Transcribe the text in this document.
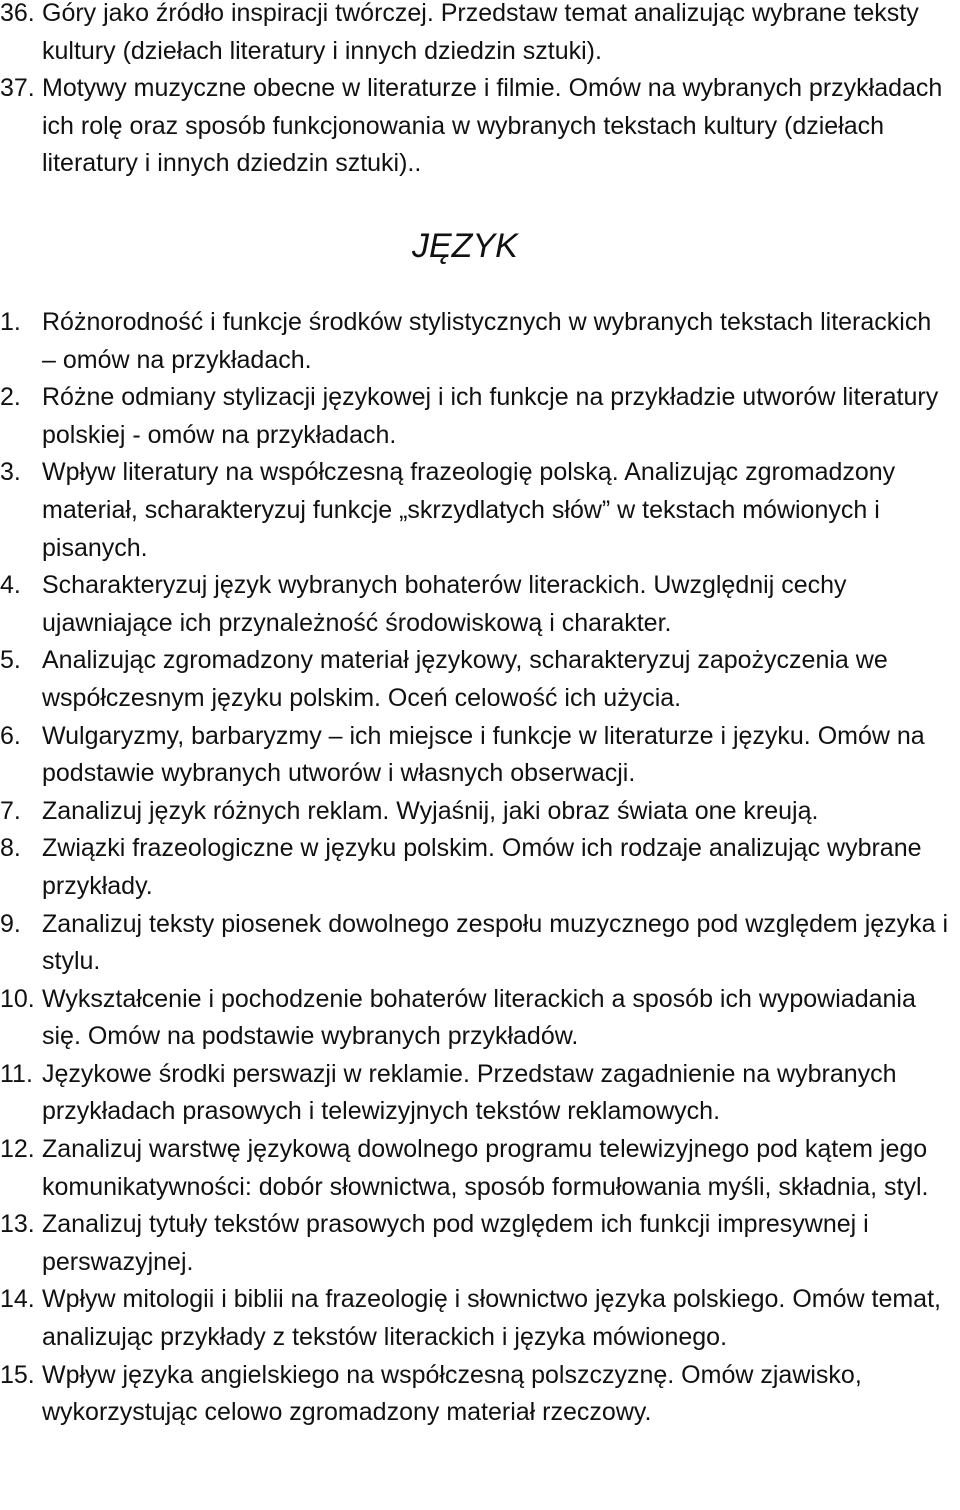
36. Góry jako źródło inspiracji twórczej. Przedstaw temat analizując wybrane teksty kultury (dziełach literatury i innych dziedzin sztuki).
37. Motywy muzyczne obecne w literaturze i filmie. Omów na wybranych przykładach ich rolę oraz sposób funkcjonowania w wybranych tekstach kultury (dziełach literatury i innych dziedzin sztuki)..
JĘZYK
1. Różnorodność i funkcje środków stylistycznych w wybranych tekstach literackich – omów na przykładach.
2. Różne odmiany stylizacji językowej i ich funkcje na przykładzie utworów literatury polskiej - omów na przykładach.
3. Wpływ literatury na współczesną frazeologię polską. Analizując zgromadzony materiał, scharakteryzuj funkcje „skrzydlatych słów” w tekstach mówionych i pisanych.
4. Scharakteryzuj język wybranych bohaterów literackich. Uwzględnij cechy ujawniające ich przynależność środowiskową i charakter.
5. Analizując zgromadzony materiał językowy, scharakteryzuj zapożyczenia we współczesnym języku polskim. Oceń celowość ich użycia.
6. Wulgaryzmy, barbaryzmy – ich miejsce i funkcje w literaturze i języku. Omów na podstawie wybranych utworów i własnych obserwacji.
7. Zanalizuj język różnych reklam. Wyjaśnij, jaki obraz świata one kreują.
8. Związki frazeologiczne w języku polskim. Omów ich rodzaje analizując wybrane przykłady.
9. Zanalizuj teksty piosenek dowolnego zespołu muzycznego pod względem języka i stylu.
10. Wykształcenie i pochodzenie bohaterów literackich a sposób ich wypowiadania się. Omów na podstawie wybranych przykładów.
11. Językowe środki perswazji w reklamie. Przedstaw zagadnienie na wybranych przykładach prasowych i telewizyjnych tekstów reklamowych.
12. Zanalizuj warstwę językową dowolnego programu telewizyjnego pod kątem jego komunikatywności: dobór słownictwa, sposób formułowania myśli, składnia, styl.
13. Zanalizuj tytuły tekstów prasowych pod względem ich funkcji impresywnej i perswazyjnej.
14. Wpływ mitologii i biblii na frazeologię i słownictwo języka polskiego. Omów temat, analizując przykłady z tekstów literackich i języka mówionego.
15. Wpływ języka angielskiego na współczesną polszczyznę. Omów zjawisko, wykorzystując celowo zgromadzony materiał rzeczowy.
